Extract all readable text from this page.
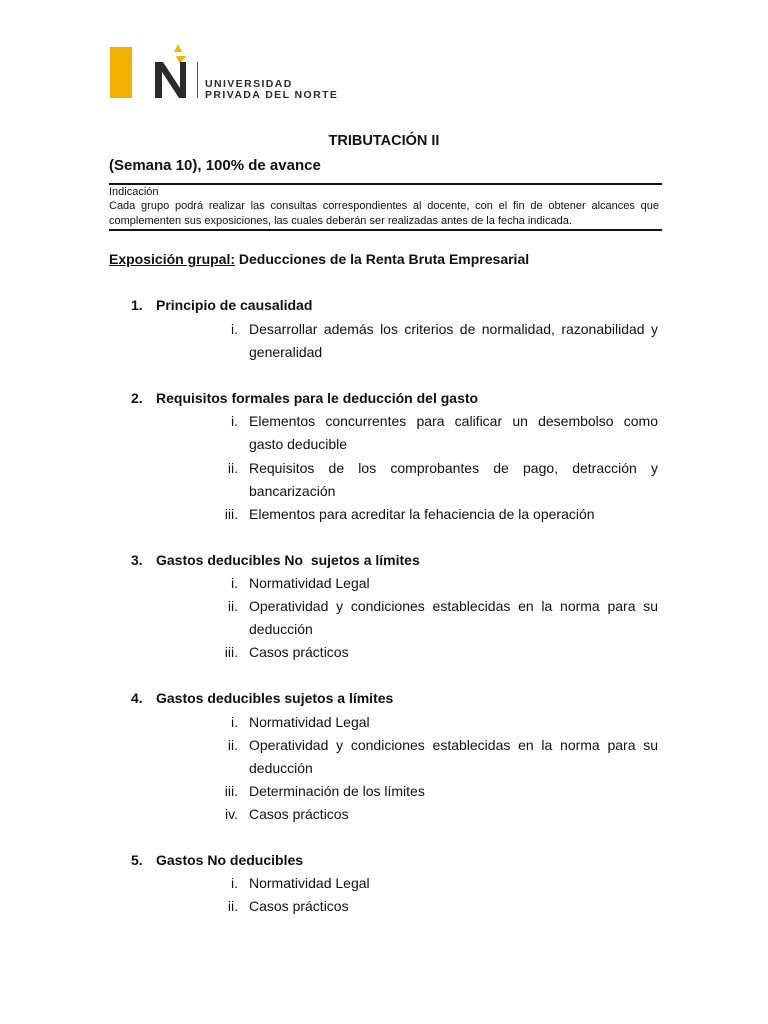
UNIVERSIDAD
PRIVADA DEL NORTE
TRIBUTACIÓN II
(Semana 10), 100% de avance
Indicación
Cada grupo podrá realizar las consultas correspondientes al docente, con el fin de obtener alcances que complementen sus exposiciones, las cuales deberán ser realizadas antes de la fecha indicada.
Exposición grupal: Deducciones de la Renta Bruta Empresarial
1. Principio de causalidad
i. Desarrollar además los criterios de normalidad, razonabilidad y generalidad
2. Requisitos formales para le deducción del gasto
i. Elementos concurrentes para calificar un desembolso como gasto deducible
ii. Requisitos de los comprobantes de pago, detracción y bancarización
iii. Elementos para acreditar la fehaciencia de la operación
3. Gastos deducibles No  sujetos a límites
i. Normatividad Legal
ii. Operatividad y condiciones establecidas en la norma para su deducción
iii. Casos prácticos
4. Gastos deducibles sujetos a límites
i. Normatividad Legal
ii. Operatividad y condiciones establecidas en la norma para su deducción
iii. Determinación de los límites
iv. Casos prácticos
5. Gastos No deducibles
i. Normatividad Legal
ii. Casos prácticos
